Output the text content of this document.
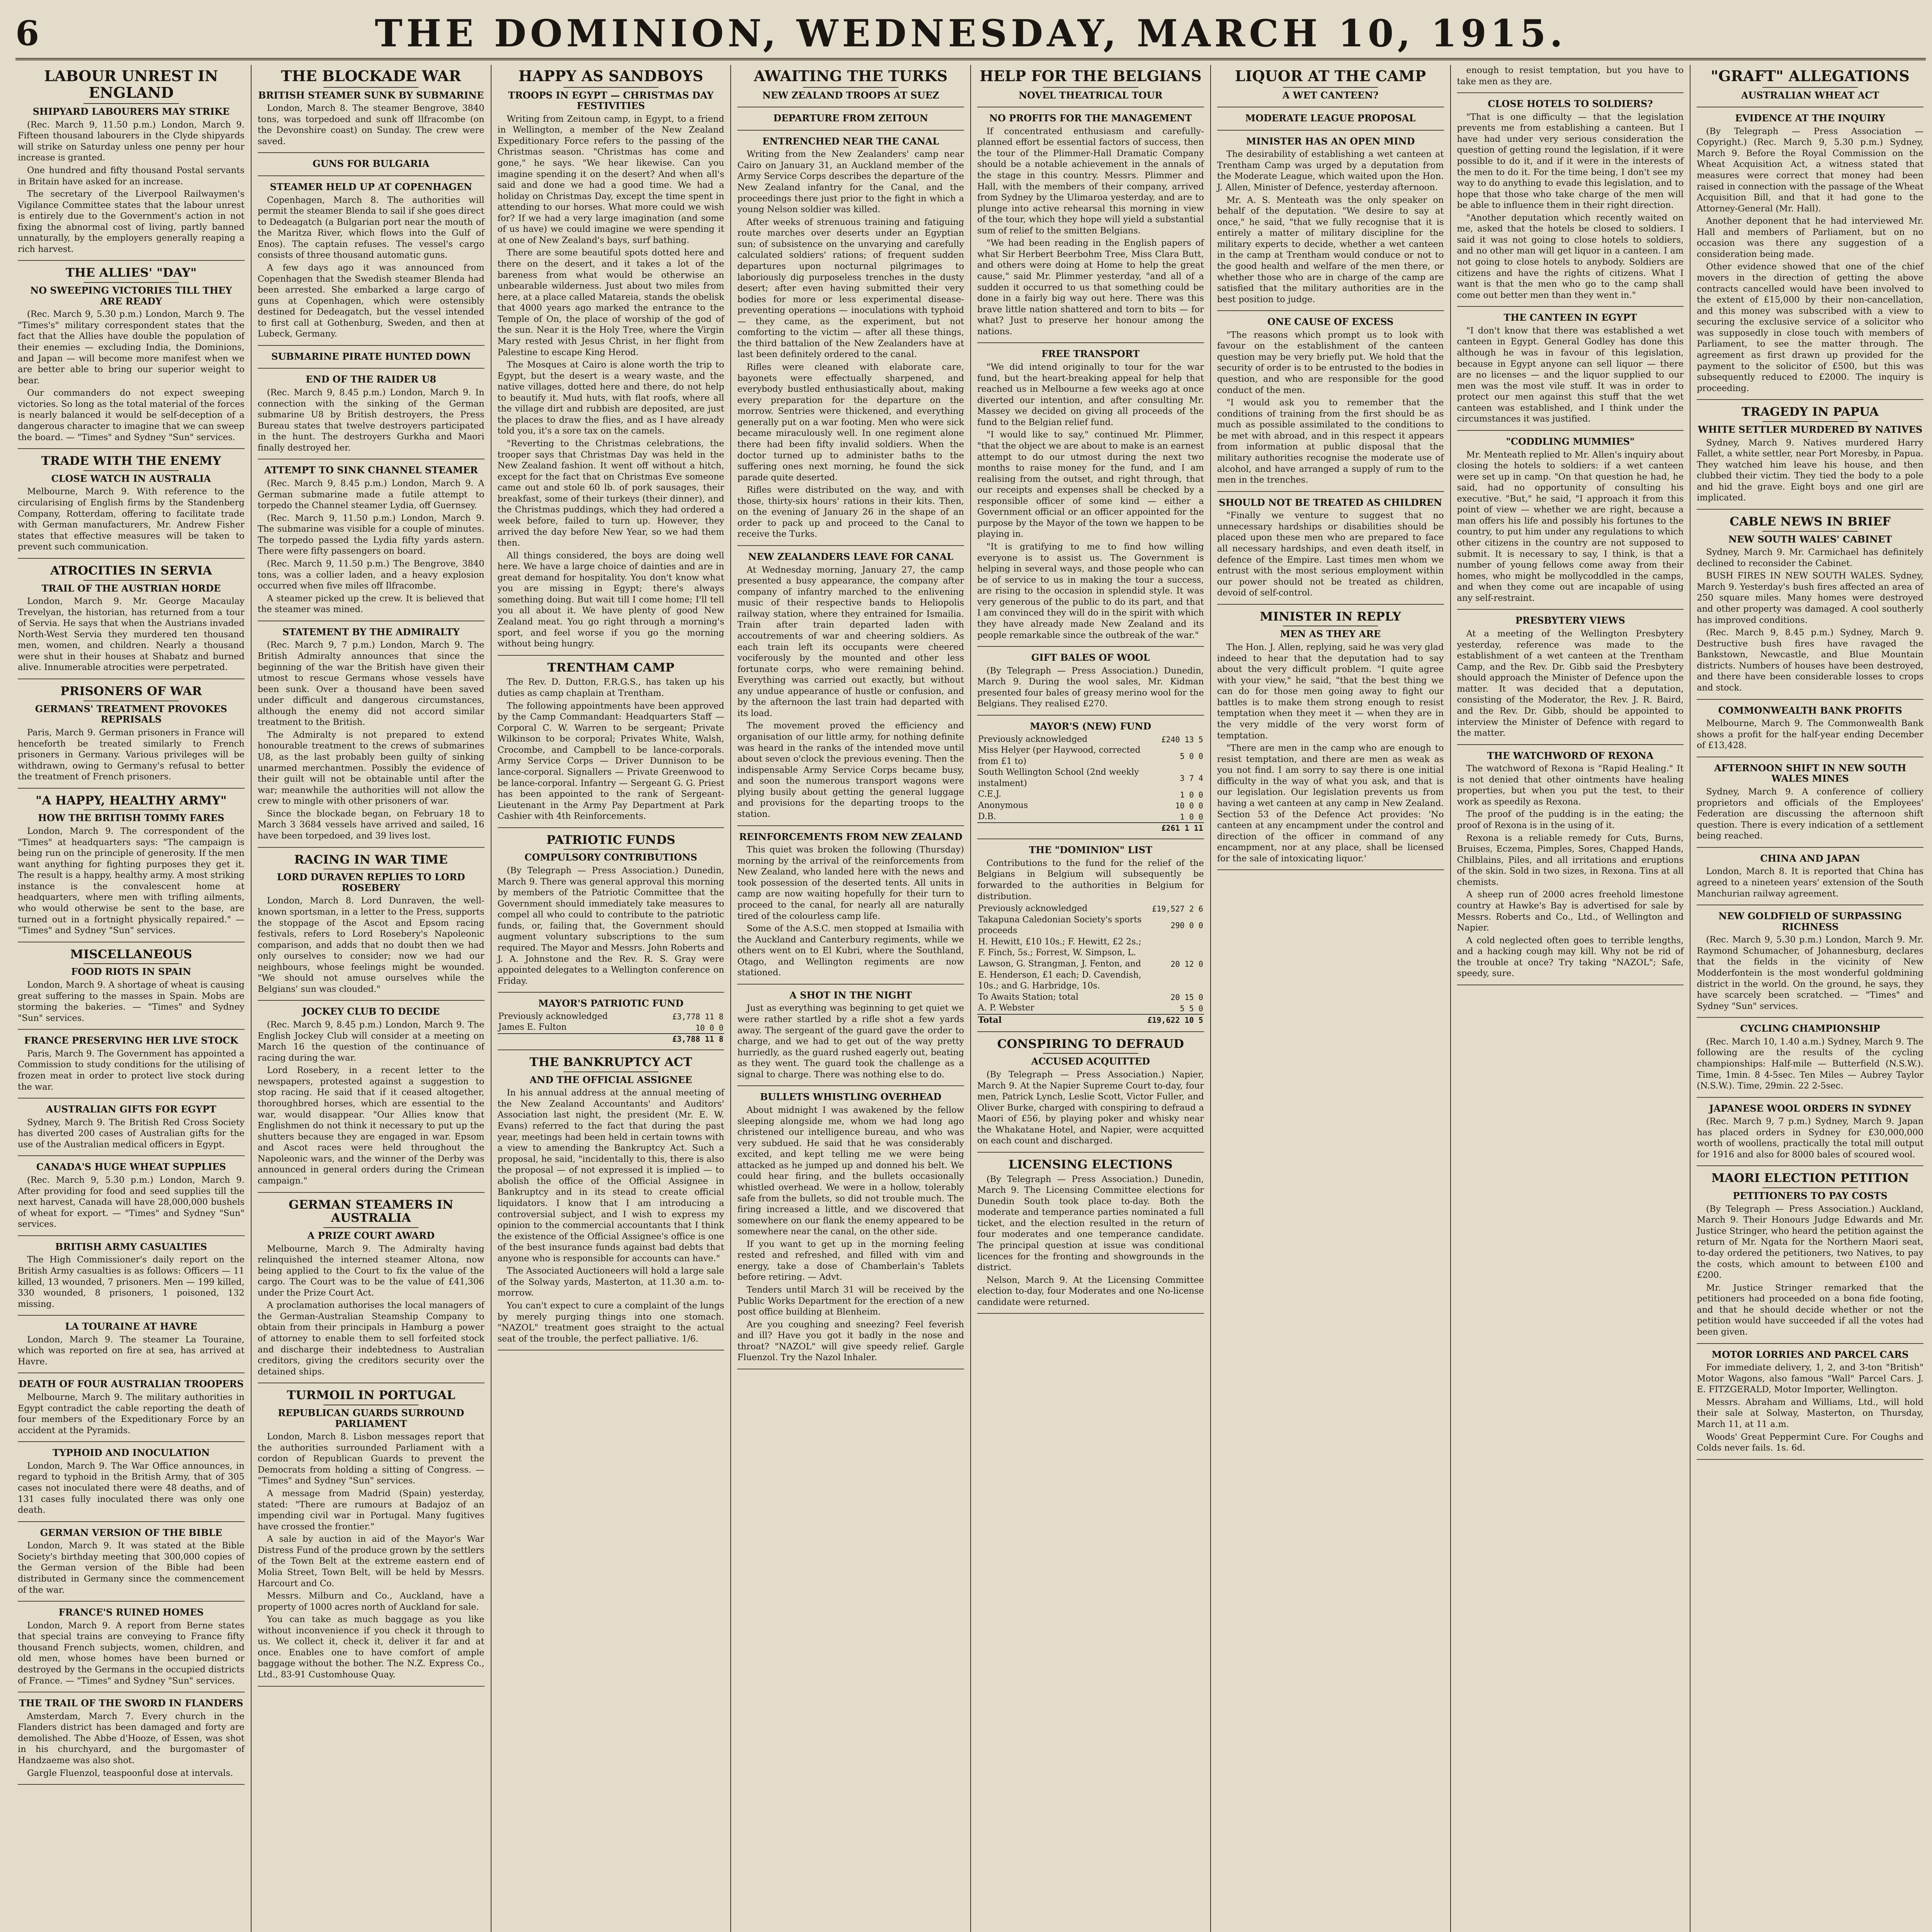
6	THE DOMINION, WEDNESDAY, MARCH 10, 1915.
LABOUR UNREST IN ENGLAND
SHIPYARD LABOURERS MAY STRIKE

(Rec. March 9, 11.50 p.m.) London, March 9. Fifteen thousand labourers in the Clyde shipyards will strike on Saturday unless one penny per hour increase is granted.

One hundred and fifty thousand Postal servants in Britain have asked for an increase.

The secretary of the Liverpool Railwaymen's Vigilance Committee states that the labour unrest is entirely due to the Government's action in not fixing the abnormal cost of living, partly banned unnaturally, by the employers generally reaping a rich harvest.

THE ALLIES' "DAY"
NO SWEEPING VICTORIES TILL THEY ARE READY

(Rec. March 9, 5.30 p.m.) London, March 9. The "Times's" military correspondent states that the fact that the Allies have double the population of their enemies — excluding India, the Dominions, and Japan — will become more manifest when we are better able to bring our superior weight to bear.

Our commanders do not expect sweeping victories. So long as the total material of the forces is nearly balanced it would be self-deception of a dangerous character to imagine that we can sweep the board. — "Times" and Sydney "Sun" services.

TRADE WITH THE ENEMY
CLOSE WATCH IN AUSTRALIA

Melbourne, March 9. With reference to the circularising of English firms by the Standenberg Company, Rotterdam, offering to facilitate trade with German manufacturers, Mr. Andrew Fisher states that effective measures will be taken to prevent such communication.

ATROCITIES IN SERVIA
TRAIL OF THE AUSTRIAN HORDE

London, March 9. Mr. George Macaulay Trevelyan, the historian, has returned from a tour of Servia. He says that when the Austrians invaded North-West Servia they murdered ten thousand men, women, and children. Nearly a thousand were shut in their houses at Shabatz and burned alive. Innumerable atrocities were perpetrated.

PRISONERS OF WAR
GERMANS' TREATMENT PROVOKES REPRISALS

Paris, March 9. German prisoners in France will henceforth be treated similarly to French prisoners in Germany. Various privileges will be withdrawn, owing to Germany's refusal to better the treatment of French prisoners.

"A HAPPY, HEALTHY ARMY"
HOW THE BRITISH TOMMY FARES

London, March 9. The correspondent of the "Times" at headquarters says: "The campaign is being run on the principle of generosity. If the men want anything for fighting purposes they get it. The result is a happy, healthy army. A most striking instance is the convalescent home at headquarters, where men with trifling ailments, who would otherwise be sent to the base, are turned out in a fortnight physically repaired." — "Times" and Sydney "Sun" services.

MISCELLANEOUS
FOOD RIOTS IN SPAIN

London, March 9. A shortage of wheat is causing great suffering to the masses in Spain. Mobs are storming the bakeries. — "Times" and Sydney "Sun" services.

FRANCE PRESERVING HER LIVE STOCK

Paris, March 9. The Government has appointed a Commission to study conditions for the utilising of frozen meat in order to protect live stock during the war.

AUSTRALIAN GIFTS FOR EGYPT

Sydney, March 9. The British Red Cross Society has diverted 200 cases of Australian gifts for the use of the Australian medical officers in Egypt.

CANADA'S HUGE WHEAT SUPPLIES

(Rec. March 9, 5.30 p.m.) London, March 9. After providing for food and seed supplies till the next harvest, Canada will have 28,000,000 bushels of wheat for export. — "Times" and Sydney "Sun" services.

BRITISH ARMY CASUALTIES

The High Commissioner's daily report on the British Army casualties is as follows: Officers — 11 killed, 13 wounded, 7 prisoners. Men — 199 killed, 330 wounded, 8 prisoners, 1 poisoned, 132 missing.

LA TOURAINE AT HAVRE

London, March 9. The steamer La Touraine, which was reported on fire at sea, has arrived at Havre.

DEATH OF FOUR AUSTRALIAN TROOPERS

Melbourne, March 9. The military authorities in Egypt contradict the cable reporting the death of four members of the Expeditionary Force by an accident at the Pyramids.

TYPHOID AND INOCULATION

London, March 9. The War Office announces, in regard to typhoid in the British Army, that of 305 cases not inoculated there were 48 deaths, and of 131 cases fully inoculated there was only one death.

GERMAN VERSION OF THE BIBLE

London, March 9. It was stated at the Bible Society's birthday meeting that 300,000 copies of the German version of the Bible had been distributed in Germany since the commencement of the war.

FRANCE'S RUINED HOMES

London, March 9. A report from Berne states that special trains are conveying to France fifty thousand French subjects, women, children, and old men, whose homes have been burned or destroyed by the Germans in the occupied districts of France. — "Times" and Sydney "Sun" services.

THE TRAIL OF THE SWORD IN FLANDERS

Amsterdam, March 7. Every church in the Flanders district has been damaged and forty are demolished. The Abbe d'Hooze, of Essen, was shot in his churchyard, and the burgomaster of Handzaeme was also shot.

Gargle Fluenzol, teaspoonful dose at intervals.

THE BLOCKADE WAR
BRITISH STEAMER SUNK BY SUBMARINE

London, March 8. The steamer Bengrove, 3840 tons, was torpedoed and sunk off Ilfracombe (on the Devonshire coast) on Sunday. The crew were saved.

GUNS FOR BULGARIA
STEAMER HELD UP AT COPENHAGEN

Copenhagen, March 8. The authorities will permit the steamer Blenda to sail if she goes direct to Dedeagatch (a Bulgarian port near the mouth of the Maritza River, which flows into the Gulf of Enos). The captain refuses. The vessel's cargo consists of three thousand automatic guns.

A few days ago it was announced from Copenhagen that the Swedish steamer Blenda had been arrested. She embarked a large cargo of guns at Copenhagen, which were ostensibly destined for Dedeagatch, but the vessel intended to first call at Gothenburg, Sweden, and then at Lubeck, Germany.

SUBMARINE PIRATE HUNTED DOWN
END OF THE RAIDER U8

(Rec. March 9, 8.45 p.m.) London, March 9. In connection with the sinking of the German submarine U8 by British destroyers, the Press Bureau states that twelve destroyers participated in the hunt. The destroyers Gurkha and Maori finally destroyed her.

ATTEMPT TO SINK CHANNEL STEAMER

(Rec. March 9, 8.45 p.m.) London, March 9. A German submarine made a futile attempt to torpedo the Channel steamer Lydia, off Guernsey.

(Rec. March 9, 11.50 p.m.) London, March 9. The submarine was visible for a couple of minutes. The torpedo passed the Lydia fifty yards astern. There were fifty passengers on board.

(Rec. March 9, 11.50 p.m.) The Bengrove, 3840 tons, was a collier laden, and a heavy explosion occurred when five miles off Ilfracombe.

A steamer picked up the crew. It is believed that the steamer was mined.

STATEMENT BY THE ADMIRALTY

(Rec. March 9, 7 p.m.) London, March 9. The British Admiralty announces that since the beginning of the war the British have given their utmost to rescue Germans whose vessels have been sunk. Over a thousand have been saved under difficult and dangerous circumstances, although the enemy did not accord similar treatment to the British.

The Admiralty is not prepared to extend honourable treatment to the crews of submarines U8, as the last probably been guilty of sinking unarmed merchantmen. Possibly the evidence of their guilt will not be obtainable until after the war; meanwhile the authorities will not allow the crew to mingle with other prisoners of war.

Since the blockade began, on February 18 to March 3 3684 vessels have arrived and sailed, 16 have been torpedoed, and 39 lives lost.

RACING IN WAR TIME
LORD DURAVEN REPLIES TO LORD ROSEBERY

London, March 8. Lord Dunraven, the well-known sportsman, in a letter to the Press, supports the stoppage of the Ascot and Epsom racing festivals, refers to Lord Rosebery's Napoleonic comparison, and adds that no doubt then we had only ourselves to consider; now we had our neighbours, whose feelings might be wounded. "We should not amuse ourselves while the Belgians' sun was clouded."

JOCKEY CLUB TO DECIDE

(Rec. March 9, 8.45 p.m.) London, March 9. The English Jockey Club will consider at a meeting on March 16 the question of the continuance of racing during the war.

Lord Rosebery, in a recent letter to the newspapers, protested against a suggestion to stop racing. He said that if it ceased altogether, thoroughbred horses, which are essential to the war, would disappear. "Our Allies know that Englishmen do not think it necessary to put up the shutters because they are engaged in war. Epsom and Ascot races were held throughout the Napoleonic wars, and the winner of the Derby was announced in general orders during the Crimean campaign."

GERMAN STEAMERS IN AUSTRALIA
A PRIZE COURT AWARD

Melbourne, March 9. The Admiralty having relinquished the interned steamer Altona, now being applied to the Court to fix the value of the cargo. The Court was to be the value of £41,306 under the Prize Court Act.

A proclamation authorises the local managers of the German-Australian Steamship Company to obtain from their principals in Hamburg a power of attorney to enable them to sell forfeited stock and discharge their indebtedness to Australian creditors, giving the creditors security over the detained ships.

TURMOIL IN PORTUGAL
REPUBLICAN GUARDS SURROUND PARLIAMENT

London, March 8. Lisbon messages report that the authorities surrounded Parliament with a cordon of Republican Guards to prevent the Democrats from holding a sitting of Congress. — "Times" and Sydney "Sun" services.

A message from Madrid (Spain) yesterday, stated: "There are rumours at Badajoz of an impending civil war in Portugal. Many fugitives have crossed the frontier."

A sale by auction in aid of the Mayor's War Distress Fund of the produce grown by the settlers of the Town Belt at the extreme eastern end of Molia Street, Town Belt, will be held by Messrs. Harcourt and Co.

Messrs. Milburn and Co., Auckland, have a property of 1000 acres north of Auckland for sale.

You can take as much baggage as you like without inconvenience if you check it through to us. We collect it, check it, deliver it far and at once. Enables one to have comfort of ample baggage without the bother. The N.Z. Express Co., Ltd., 83-91 Customhouse Quay.

HAPPY AS SANDBOYS
TROOPS IN EGYPT — CHRISTMAS DAY FESTIVITIES

Writing from Zeitoun camp, in Egypt, to a friend in Wellington, a member of the New Zealand Expeditionary Force refers to the passing of the Christmas season. "Christmas has come and gone," he says. "We hear likewise. Can you imagine spending it on the desert? And when all's said and done we had a good time. We had a holiday on Christmas Day, except the time spent in attending to our horses. What more could we wish for? If we had a very large imagination (and some of us have) we could imagine we were spending it at one of New Zealand's bays, surf bathing.

There are some beautiful spots dotted here and there on the desert, and it takes a lot of the bareness from what would be otherwise an unbearable wilderness. Just about two miles from here, at a place called Matareia, stands the obelisk that 4000 years ago marked the entrance to the Temple of On, the place of worship of the god of the sun. Near it is the Holy Tree, where the Virgin Mary rested with Jesus Christ, in her flight from Palestine to escape King Herod.

The Mosques at Cairo is alone worth the trip to Egypt, but the desert is a weary waste, and the native villages, dotted here and there, do not help to beautify it. Mud huts, with flat roofs, where all the village dirt and rubbish are deposited, are just the places to draw the flies, and as I have already told you, it's a sore tax on the camels.

"Reverting to the Christmas celebrations, the trooper says that Christmas Day was held in the New Zealand fashion. It went off without a hitch, except for the fact that on Christmas Eve someone came out and stole 60 lb. of pork sausages, their breakfast, some of their turkeys (their dinner), and the Christmas puddings, which they had ordered a week before, failed to turn up. However, they arrived the day before New Year, so we had them then.

All things considered, the boys are doing well here. We have a large choice of dainties and are in great demand for hospitality. You don't know what you are missing in Egypt; there's always something doing. But wait till I come home; I'll tell you all about it. We have plenty of good New Zealand meat. You go right through a morning's sport, and feel worse if you go the morning without being hungry.

TRENTHAM CAMP

The Rev. D. Dutton, F.R.G.S., has taken up his duties as camp chaplain at Trentham.

The following appointments have been approved by the Camp Commandant: Headquarters Staff — Corporal C. W. Warren to be sergeant; Private Wilkinson to be corporal; Privates White, Walsh, Crocombe, and Campbell to be lance-corporals. Army Service Corps — Driver Dunnison to be lance-corporal. Signallers — Private Greenwood to be lance-corporal. Infantry — Sergeant G. G. Priest has been appointed to the rank of Sergeant-Lieutenant in the Army Pay Department at Park Cashier with 4th Reinforcements.

PATRIOTIC FUNDS
COMPULSORY CONTRIBUTIONS

(By Telegraph — Press Association.) Dunedin, March 9. There was general approval this morning by members of the Patriotic Committee that the Government should immediately take measures to compel all who could to contribute to the patriotic funds, or, failing that, the Government should augment voluntary subscriptions to the sum required. The Mayor and Messrs. John Roberts and J. A. Johnstone and the Rev. R. S. Gray were appointed delegates to a Wellington conference on Friday.

MAYOR'S PATRIOTIC FUND
Previously acknowledged	£3,778 11 8
James E. Fulton	10 0 0
	£3,788 11 8
THE BANKRUPTCY ACT
AND THE OFFICIAL ASSIGNEE

In his annual address at the annual meeting of the New Zealand Accountants' and Auditors' Association last night, the president (Mr. E. W. Evans) referred to the fact that during the past year, meetings had been held in certain towns with a view to amending the Bankruptcy Act. Such a proposal, he said, "incidentally to this, there is also the proposal — of not expressed it is implied — to abolish the office of the Official Assignee in Bankruptcy and in its stead to create official liquidators. I know that I am introducing a controversial subject, and I wish to express my opinion to the commercial accountants that I think the existence of the Official Assignee's office is one of the best insurance funds against bad debts that anyone who is responsible for accounts can have."

The Associated Auctioneers will hold a large sale of the Solway yards, Masterton, at 11.30 a.m. to-morrow.

You can't expect to cure a complaint of the lungs by merely purging things into one stomach. "NAZOL" treatment goes straight to the actual seat of the trouble, the perfect palliative. 1/6.

AWAITING THE TURKS
NEW ZEALAND TROOPS AT SUEZ
DEPARTURE FROM ZEITOUN
ENTRENCHED NEAR THE CANAL

Writing from the New Zealanders' camp near Cairo on January 31, an Auckland member of the Army Service Corps describes the departure of the New Zealand infantry for the Canal, and the proceedings there just prior to the fight in which a young Nelson soldier was killed.

After weeks of strenuous training and fatiguing route marches over deserts under an Egyptian sun; of subsistence on the unvarying and carefully calculated soldiers' rations; of frequent sudden departures upon nocturnal pilgrimages to laboriously dig purposeless trenches in the dusty desert; after even having submitted their very bodies for more or less experimental disease-preventing operations — inoculations with typhoid — they came, as the experiment, but not comforting to the victim — after all these things, the third battalion of the New Zealanders have at last been definitely ordered to the canal.

Rifles were cleaned with elaborate care, bayonets were effectually sharpened, and everybody bustled enthusiastically about, making every preparation for the departure on the morrow. Sentries were thickened, and everything generally put on a war footing. Men who were sick became miraculously well. In one regiment alone there had been fifty invalid soldiers. When the doctor turned up to administer baths to the suffering ones next morning, he found the sick parade quite deserted.

Rifles were distributed on the way, and with those, thirty-six hours' rations in their kits. Then, on the evening of January 26 in the shape of an order to pack up and proceed to the Canal to receive the Turks.

NEW ZEALANDERS LEAVE FOR CANAL

At Wednesday morning, January 27, the camp presented a busy appearance, the company after company of infantry marched to the enlivening music of their respective bands to Heliopolis railway station, where they entrained for Ismailia. Train after train departed laden with accoutrements of war and cheering soldiers. As each train left its occupants were cheered vociferously by the mounted and other less fortunate corps, who were remaining behind. Everything was carried out exactly, but without any undue appearance of hustle or confusion, and by the afternoon the last train had departed with its load.

The movement proved the efficiency and organisation of our little army, for nothing definite was heard in the ranks of the intended move until about seven o'clock the previous evening. Then the indispensable Army Service Corps became busy, and soon the numerous transport wagons were plying busily about getting the general luggage and provisions for the departing troops to the station.

REINFORCEMENTS FROM NEW ZEALAND

This quiet was broken the following (Thursday) morning by the arrival of the reinforcements from New Zealand, who landed here with the news and took possession of the deserted tents. All units in camp are now waiting hopefully for their turn to proceed to the canal, for nearly all are naturally tired of the colourless camp life.

Some of the A.S.C. men stopped at Ismailia with the Auckland and Canterbury regiments, while we others went on to El Kubri, where the Southland, Otago, and Wellington regiments are now stationed.

A SHOT IN THE NIGHT

Just as everything was beginning to get quiet we were rather startled by a rifle shot a few yards away. The sergeant of the guard gave the order to charge, and we had to get out of the way pretty hurriedly, as the guard rushed eagerly out, beating as they went. The guard took the challenge as a signal to charge. There was nothing else to do.

BULLETS WHISTLING OVERHEAD

About midnight I was awakened by the fellow sleeping alongside me, whom we had long ago christened our intelligence bureau, and who was very subdued. He said that he was considerably excited, and kept telling me we were being attacked as he jumped up and donned his belt. We could hear firing, and the bullets occasionally whistled overhead. We were in a hollow, tolerably safe from the bullets, so did not trouble much. The firing increased a little, and we discovered that somewhere on our flank the enemy appeared to be somewhere near the canal, on the other side.

If you want to get up in the morning feeling rested and refreshed, and filled with vim and energy, take a dose of Chamberlain's Tablets before retiring. — Advt.

Tenders until March 31 will be received by the Public Works Department for the erection of a new post office building at Blenheim.

Are you coughing and sneezing? Feel feverish and ill? Have you got it badly in the nose and throat? "NAZOL" will give speedy relief. Gargle Fluenzol. Try the Nazol Inhaler.

HELP FOR THE BELGIANS
NOVEL THEATRICAL TOUR
NO PROFITS FOR THE MANAGEMENT

If concentrated enthusiasm and carefully-planned effort be essential factors of success, then the tour of the Plimmer-Hall Dramatic Company should be a notable achievement in the annals of the stage in this country. Messrs. Plimmer and Hall, with the members of their company, arrived from Sydney by the Ulimaroa yesterday, and are to plunge into active rehearsal this morning in view of the tour, which they hope will yield a substantial sum of relief to the smitten Belgians.

"We had been reading in the English papers of what Sir Herbert Beerbohm Tree, Miss Clara Butt, and others were doing at Home to help the great cause," said Mr. Plimmer yesterday, "and all of a sudden it occurred to us that something could be done in a fairly big way out here. There was this brave little nation shattered and torn to bits — for what? Just to preserve her honour among the nations.

FREE TRANSPORT

"We did intend originally to tour for the war fund, but the heart-breaking appeal for help that reached us in Melbourne a few weeks ago at once diverted our intention, and after consulting Mr. Massey we decided on giving all proceeds of the fund to the Belgian relief fund.

"I would like to say," continued Mr. Plimmer, "that the object we are about to make is an earnest attempt to do our utmost during the next two months to raise money for the fund, and I am realising from the outset, and right through, that our receipts and expenses shall be checked by a responsible officer of some kind — either a Government official or an officer appointed for the purpose by the Mayor of the town we happen to be playing in.

"It is gratifying to me to find how willing everyone is to assist us. The Government is helping in several ways, and those people who can be of service to us in making the tour a success, are rising to the occasion in splendid style. It was very generous of the public to do its part, and that I am convinced they will do in the spirit with which they have already made New Zealand and its people remarkable since the outbreak of the war."

GIFT BALES OF WOOL

(By Telegraph — Press Association.) Dunedin, March 9. During the wool sales, Mr. Kidman presented four bales of greasy merino wool for the Belgians. They realised £270.

MAYOR'S (NEW) FUND
Previously acknowledged	£240 13 5
Miss Helyer (per Haywood, corrected from £1 to)	5 0 0
South Wellington School (2nd weekly instalment)	3 7 4
C.E.J.	1 0 0
Anonymous	10 0 0
D.B.	1 0 0
	£261 1 11
THE "DOMINION" LIST

Contributions to the fund for the relief of the Belgians in Belgium will subsequently be forwarded to the authorities in Belgium for distribution.

Previously acknowledged	£19,527 2 6
Takapuna Caledonian Society's sports proceeds	290 0 0
H. Hewitt, £10 10s.; F. Hewitt, £2 2s.; F. Finch, 5s.; Forrest, W. Simpson, L. Lawson, G. Strangman, J. Fenton, and E. Henderson, £1 each; D. Cavendish, 10s.; and G. Harbridge, 10s.	20 12 0
To Awaits Station; total	20 15 0
A. P. Webster	5 5 0
Total	£19,622 10 5
CONSPIRING TO DEFRAUD
ACCUSED ACQUITTED

(By Telegraph — Press Association.) Napier, March 9. At the Napier Supreme Court to-day, four men, Patrick Lynch, Leslie Scott, Victor Fuller, and Oliver Burke, charged with conspiring to defraud a Maori of £56, by playing poker and whisky near the Whakatane Hotel, and Napier, were acquitted on each count and discharged.

LICENSING ELECTIONS

(By Telegraph — Press Association.) Dunedin, March 9. The Licensing Committee elections for Dunedin South took place to-day. Both the moderate and temperance parties nominated a full ticket, and the election resulted in the return of four moderates and one temperance candidate. The principal question at issue was conditional licences for the fronting and showgrounds in the district.

Nelson, March 9. At the Licensing Committee election to-day, four Moderates and one No-license candidate were returned.

LIQUOR AT THE CAMP
A WET CANTEEN?
MODERATE LEAGUE PROPOSAL
MINISTER HAS AN OPEN MIND

The desirability of establishing a wet canteen at Trentham Camp was urged by a deputation from the Moderate League, which waited upon the Hon. J. Allen, Minister of Defence, yesterday afternoon.

Mr. A. S. Menteath was the only speaker on behalf of the deputation. "We desire to say at once," he said, "that we fully recognise that it is entirely a matter of military discipline for the military experts to decide, whether a wet canteen in the camp at Trentham would conduce or not to the good health and welfare of the men there, or whether those who are in charge of the camp are satisfied that the military authorities are in the best position to judge.

ONE CAUSE OF EXCESS

"The reasons which prompt us to look with favour on the establishment of the canteen question may be very briefly put. We hold that the security of order is to be entrusted to the bodies in question, and who are responsible for the good conduct of the men.

"I would ask you to remember that the conditions of training from the first should be as much as possible assimilated to the conditions to be met with abroad, and in this respect it appears from information at public disposal that the military authorities recognise the moderate use of alcohol, and have arranged a supply of rum to the men in the trenches.

SHOULD NOT BE TREATED AS CHILDREN

"Finally we venture to suggest that no unnecessary hardships or disabilities should be placed upon these men who are prepared to face all necessary hardships, and even death itself, in defence of the Empire. Last times men whom we entrust with the most serious employment within our power should not be treated as children, devoid of self-control.

MINISTER IN REPLY
MEN AS THEY ARE

The Hon. J. Allen, replying, said he was very glad indeed to hear that the deputation had to say about the very difficult problem. "I quite agree with your view," he said, "that the best thing we can do for those men going away to fight our battles is to make them strong enough to resist temptation when they meet it — when they are in the very middle of the very worst form of temptation.

"There are men in the camp who are enough to resist temptation, and there are men as weak as you not find. I am sorry to say there is one initial difficulty in the way of what you ask, and that is our legislation. Our legislation prevents us from having a wet canteen at any camp in New Zealand. Section 53 of the Defence Act provides: 'No canteen at any encampment under the control and direction of the officer in command of any encampment, nor at any place, shall be licensed for the sale of intoxicating liquor.'

enough to resist temptation, but you have to take men as they are.

CLOSE HOTELS TO SOLDIERS?

"That is one difficulty — that the legislation prevents me from establishing a canteen. But I have had under very serious consideration the question of getting round the legislation, if it were possible to do it, and if it were in the interests of the men to do it. For the time being, I don't see my way to do anything to evade this legislation, and to hope that those who take charge of the men will be able to influence them in their right direction.

"Another deputation which recently waited on me, asked that the hotels be closed to soldiers. I said it was not going to close hotels to soldiers, and no other man will get liquor in a canteen. I am not going to close hotels to anybody. Soldiers are citizens and have the rights of citizens. What I want is that the men who go to the camp shall come out better men than they went in."

THE CANTEEN IN EGYPT

"I don't know that there was established a wet canteen in Egypt. General Godley has done this although he was in favour of this legislation, because in Egypt anyone can sell liquor — there are no licenses — and the liquor supplied to our men was the most vile stuff. It was in order to protect our men against this stuff that the wet canteen was established, and I think under the circumstances it was justified.

"CODDLING MUMMIES"

Mr. Menteath replied to Mr. Allen's inquiry about closing the hotels to soldiers: if a wet canteen were set up in camp. "On that question he had, he said, had no opportunity of consulting his executive. "But," he said, "I approach it from this point of view — whether we are right, because a man offers his life and possibly his fortunes to the country, to put him under any regulations to which other citizens in the country are not supposed to submit. It is necessary to say, I think, is that a number of young fellows come away from their homes, who might be mollycoddled in the camps, and when they come out are incapable of using any self-restraint.

PRESBYTERY VIEWS

At a meeting of the Wellington Presbytery yesterday, reference was made to the establishment of a wet canteen at the Trentham Camp, and the Rev. Dr. Gibb said the Presbytery should approach the Minister of Defence upon the matter. It was decided that a deputation, consisting of the Moderator, the Rev. J. R. Baird, and the Rev. Dr. Gibb, should be appointed to interview the Minister of Defence with regard to the matter.

THE WATCHWORD OF REXONA

The watchword of Rexona is "Rapid Healing." It is not denied that other ointments have healing properties, but when you put the test, to their work as speedily as Rexona.

The proof of the pudding is in the eating; the proof of Rexona is in the using of it.

Rexona is a reliable remedy for Cuts, Burns, Bruises, Eczema, Pimples, Sores, Chapped Hands, Chilblains, Piles, and all irritations and eruptions of the skin. Sold in two sizes, in Rexona. Tins at all chemists.

A sheep run of 2000 acres freehold limestone country at Hawke's Bay is advertised for sale by Messrs. Roberts and Co., Ltd., of Wellington and Napier.

A cold neglected often goes to terrible lengths, and a hacking cough may kill. Why not be rid of the trouble at once? Try taking "NAZOL"; Safe, speedy, sure.

"GRAFT" ALLEGATIONS
AUSTRALIAN WHEAT ACT
EVIDENCE AT THE INQUIRY

(By Telegraph — Press Association — Copyright.) (Rec. March 9, 5.30 p.m.) Sydney, March 9. Before the Royal Commission on the Wheat Acquisition Act, a witness stated that measures were correct that money had been raised in connection with the passage of the Wheat Acquisition Bill, and that it had gone to the Attorney-General (Mr. Hall).

Another deponent that he had interviewed Mr. Hall and members of Parliament, but on no occasion was there any suggestion of a consideration being made.

Other evidence showed that one of the chief movers in the direction of getting the above contracts cancelled would have been involved to the extent of £15,000 by their non-cancellation, and this money was subscribed with a view to securing the exclusive service of a solicitor who was supposedly in close touch with members of Parliament, to see the matter through. The agreement as first drawn up provided for the payment to the solicitor of £500, but this was subsequently reduced to £2000. The inquiry is proceeding.

TRAGEDY IN PAPUA
WHITE SETTLER MURDERED BY NATIVES

Sydney, March 9. Natives murdered Harry Fallet, a white settler, near Port Moresby, in Papua. They watched him leave his house, and then clubbed their victim. They tied the body to a pole and hid the grave. Eight boys and one girl are implicated.

CABLE NEWS IN BRIEF
NEW SOUTH WALES' CABINET

Sydney, March 9. Mr. Carmichael has definitely declined to reconsider the Cabinet.

BUSH FIRES IN NEW SOUTH WALES. Sydney, March 9. Yesterday's bush fires affected an area of 250 square miles. Many homes were destroyed and other property was damaged. A cool southerly has improved conditions.

(Rec. March 9, 8.45 p.m.) Sydney, March 9. Destructive bush fires have ravaged the Bankstown, Newcastle, and Blue Mountain districts. Numbers of houses have been destroyed, and there have been considerable losses to crops and stock.

COMMONWEALTH BANK PROFITS

Melbourne, March 9. The Commonwealth Bank shows a profit for the half-year ending December of £13,428.

AFTERNOON SHIFT IN NEW SOUTH WALES MINES

Sydney, March 9. A conference of colliery proprietors and officials of the Employees' Federation are discussing the afternoon shift question. There is every indication of a settlement being reached.

CHINA AND JAPAN

London, March 8. It is reported that China has agreed to a nineteen years' extension of the South Manchurian railway agreement.

NEW GOLDFIELD OF SURPASSING RICHNESS

(Rec. March 9, 5.30 p.m.) London, March 9. Mr. Raymond Schumacher, of Johannesburg, declares that the fields in the vicinity of New Modderfontein is the most wonderful goldmining district in the world. On the ground, he says, they have scarcely been scratched. — "Times" and Sydney "Sun" services.

CYCLING CHAMPIONSHIP

(Rec. March 10, 1.40 a.m.) Sydney, March 9. The following are the results of the cycling championships: Half-mile — Butterfield (N.S.W.). Time, 1min. 8 4-5sec. Ten Miles — Aubrey Taylor (N.S.W.). Time, 29min. 22 2-5sec.

JAPANESE WOOL ORDERS IN SYDNEY

(Rec. March 9, 7 p.m.) Sydney, March 9. Japan has placed orders in Sydney for £30,000,000 worth of woollens, practically the total mill output for 1916 and also for 8000 bales of scoured wool.

MAORI ELECTION PETITION
PETITIONERS TO PAY COSTS

(By Telegraph — Press Association.) Auckland, March 9. Their Honours Judge Edwards and Mr. Justice Stringer, who heard the petition against the return of Mr. Ngata for the Northern Maori seat, to-day ordered the petitioners, two Natives, to pay the costs, which amount to between £100 and £200.

Mr. Justice Stringer remarked that the petitioners had proceeded on a bona fide footing, and that he should decide whether or not the petition would have succeeded if all the votes had been given.

MOTOR LORRIES AND PARCEL CARS

For immediate delivery, 1, 2, and 3-ton "British" Motor Wagons, also famous "Wall" Parcel Cars. J. E. FITZGERALD, Motor Importer, Wellington.

Messrs. Abraham and Williams, Ltd., will hold their sale at Solway, Masterton, on Thursday, March 11, at 11 a.m.

Woods' Great Peppermint Cure. For Coughs and Colds never fails. 1s. 6d.
